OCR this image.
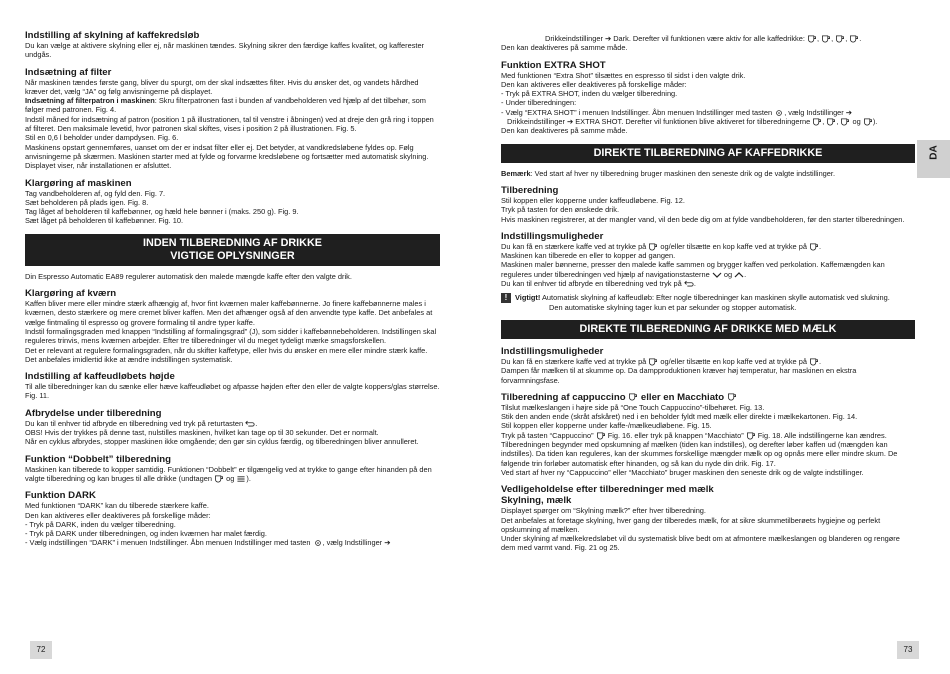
Indstilling af skylning af kaffekredsløb

Du kan vælge at aktivere skylning eller ej, når maskinen tændes. Skylning sikrer den færdige kaffes kvalitet, og kafferester undgås.

Indsætning af filter

Når maskinen tændes første gang, bliver du spurgt, om der skal indsættes filter. Hvis du ønsker det, og vandets hårdhed kræver det, vælg “JA” og følg anvisningerne på displayet.

Indsætning af filterpatron i maskinen: Skru filterpatronen fast i bunden af vandbeholderen ved hjælp af det tilbehør, som følger med patronen. Fig. 4.

Indstil måned for indsætning af patron (position 1 på illustrationen, tal til venstre i åbningen) ved at dreje den grå ring i toppen af filteret. Den maksimale levetid, hvor patronen skal skiftes, vises i position 2 på illustrationen. Fig. 5.

Stil en 0,6 l beholder under dampdysen. Fig. 6.

Maskinens opstart gennemføres, uanset om der er indsat filter eller ej. Det betyder, at vandkredsløbene fyldes op. Følg anvisningerne på skærmen. Maskinen starter med at fylde og forvarme kredsløbene og fortsætter med automatisk skylning.

Displayet viser, når installationen er afsluttet.

Klargøring af maskinen

Tag vandbeholderen af, og fyld den. Fig. 7.

Sæt beholderen på plads igen. Fig. 8.

Tag låget af beholderen til kaffebønner, og hæld hele bønner i (maks. 250 g). Fig. 9.

Sæt låget på beholderen til kaffebønner. Fig. 10.

INDEN TILBEREDNING AF DRIKKE
VIGTIGE OPLYSNINGER

Din Espresso Automatic EA89 regulerer automatisk den malede mængde kaffe efter den valgte drik.

Klargøring af kværn

Kaffen bliver mere eller mindre stærk afhængig af, hvor fint kværnen maler kaffebønnerne. Jo finere kaffebønnerne males i kværnen, desto stærkere og mere cremet bliver kaffen. Men det afhænger også af den anvendte type kaffe. Det anbefales at vælge fintmaling til espresso og grovere formaling til andre typer kaffe.

Indstil formalingsgraden med knappen “Indstilling af formalingsgrad” (J), som sidder i kaffebønnebeholderen. Indstillingen skal reguleres trinvis, mens kværnen arbejder. Efter tre tilberedninger vil du meget tydeligt mærke smagsforskellen.

Det er relevant at regulere formalingsgraden, når du skifter kaffetype, eller hvis du ønsker en mere eller mindre stærk kaffe. Det anbefales imidlertid ikke at ændre indstillingen systematisk.

Indstilling af kaffeudløbets højde

Til alle tilberedninger kan du sænke eller hæve kaffeudløbet og afpasse højden efter den eller de valgte koppers/glas størrelse. Fig. 11.

Afbrydelse under tilberedning

Du kan til enhver tid afbryde en tilberedning ved tryk på returtasten .

OBS! Hvis der trykkes på denne tast, nulstilles maskinen, hvilket kan tage op til 30 sekunder. Det er normalt.

Når en cyklus afbrydes, stopper maskinen ikke omgående; den gør sin cyklus færdig, og tilberedningen bliver annulleret.

Funktion “Dobbelt” tilberedning

Maskinen kan tilberede to kopper samtidig. Funktionen “Dobbelt” er tilgængelig ved at trykke to gange efter hinanden på den valgte tilberedning og kan bruges til alle drikke (undtagen og ).

Funktion DARK

Med funktionen “DARK” kan du tilberede stærkere kaffe.

Den kan aktiveres eller deaktiveres på forskellige måder:

- Tryk på DARK, inden du vælger tilberedning.

- Tryk på DARK under tilberedningen, og inden kværnen har malet færdig.

- Vælg indstillingen “DARK” i menuen Indstillinger. Åbn menuen Indstillinger med tasten , vælg Indstillinger ➔

72

Drikkeindstillinger ➔ Dark. Derefter vil funktionen være aktiv for alle kaffedrikke: , , , .

Den kan deaktiveres på samme måde.

Funktion EXTRA SHOT

Med funktionen “Extra Shot” tilsættes en espresso til sidst i den valgte drik.

Den kan aktiveres eller deaktiveres på forskellige måder:

- Tryk på EXTRA SHOT, inden du vælger tilberedning.

- Under tilberedningen:

- Vælg “EXTRA SHOT” i menuen Indstillinger. Åbn menuen Indstillinger med tasten , vælg Indstillinger ➔

Drikkeindstillinger ➔ EXTRA SHOT. Derefter vil funktionen blive aktiveret for tilberedningerne , ,  og ).

Den kan deaktiveres på samme måde.

DIREKTE TILBEREDNING AF KAFFEDRIKKE

Bemærk: Ved start af hver ny tilberedning bruger maskinen den seneste drik og de valgte indstillinger.

Tilberedning

Stil koppen eller kopperne under kaffeudløbene. Fig. 12.

Tryk på tasten for den ønskede drik.

Hvis maskinen registrerer, at der mangler vand, vil den bede dig om at fylde vandbeholderen, før den starter tilberedningen.

Indstillingsmuligheder

Du kan få en stærkere kaffe ved at trykke på og/eller tilsætte en kop kaffe ved at trykke på .

Maskinen kan tilberede en eller to kopper ad gangen.

Maskinen maler bønnerne, presser den malede kaffe sammen og brygger kaffen ved perkolation. Kaffemængden kan reguleres under tilberedningen ved hjælp af navigationstasterne og .

Du kan til enhver tid afbryde en tilberedning ved tryk på .

!	Vigtigt! Automatisk skylning af kaffeudløb: Efter nogle tilberedninger kan maskinen skylle automatisk ved slukning.

Den automatiske skylning tager kun et par sekunder og stopper automatisk.

DIREKTE TILBEREDNING AF DRIKKE MED MÆLK
Indstillingsmuligheder

Du kan få en stærkere kaffe ved at trykke på og/eller tilsætte en kop kaffe ved at trykke på .

Dampen får mælken til at skumme op. Da dampproduktionen kræver høj temperatur, har maskinen en ekstra forvarmningsfase.

Tilberedning af cappuccino eller en Macchiato

Tilslut mælkeslangen i højre side på “One Touch Cappuccino”-tilbehøret. Fig. 13.

Stik den anden ende (skråt afskåret) ned i en beholder fyldt med mælk eller direkte i mælkekartonen. Fig. 14.

Stil koppen eller kopperne under kaffe-/mælkeudløbene. Fig. 15.

Tryk på tasten “Cappuccino” Fig. 16. eller tryk på knappen “Macchiato” Fig. 18. Alle indstillingerne kan ændres. Tilberedningen begynder med opskumning af mælken (tiden kan indstilles), og derefter løber kaffen ud (mængden kan indstilles). Da tiden kan reguleres, kan der skummes forskellige mængder mælk op og opnås mere eller mindre skum. De følgende trin forløber automatisk efter hinanden, og så kan du nyde din drik. Fig. 17.

Ved start af hver ny “Cappuccino” eller “Macchiato” bruger maskinen den seneste drik og de valgte indstillinger.

Vedligeholdelse efter tilberedninger med mælk
Skylning, mælk

Displayet spørger om “Skylning mælk?” efter hver tilberedning.

Det anbefales at foretage skylning, hver gang der tilberedes mælk, for at sikre skummetilberøets hygiejne og perfekt opskumning af mælken.

Under skylning af mælkekredsløbet vil du systematisk blive bedt om at afmontere mælkeslangen og blanderen og rengøre dem med varmt vand. Fig. 21 og 25.

DA
73
